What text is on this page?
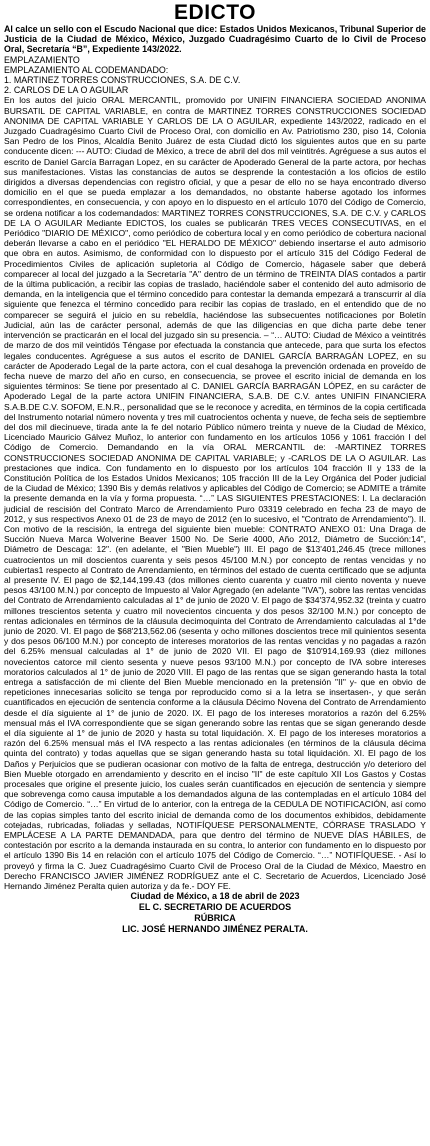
EDICTO

Al calce un sello con el Escudo Nacional que dice: Estados Unidos Mexicanos, Tribunal Superior de Justicia de la Ciudad de México, México, Juzgado Cuadragésimo Cuarto de lo Civil de Proceso Oral, Secretaría “B”, Expediente 143/2022.

EMPLAZAMIENTO

EMPLAZAMIENTO AL CODEMANDADO:

1. MARTINEZ TORRES CONSTRUCCIONES, S.A. DE C.V.

2. CARLOS DE LA O AGUILAR

En los autos del juicio ORAL MERCANTIL, promovido por UNIFIN FINANCIERA SOCIEDAD ANONIMA BURSATIL DE CAPITAL VARIABLE, en contra de MARTINEZ TORRES CONSTRUCCIONES SOCIEDAD ANONIMA DE CAPITAL VARIABLE Y CARLOS DE LA O AGUILAR, expediente 143/2022, radicado en el Juzgado Cuadragésimo Cuarto Civil de Proceso Oral, con domicilio en Av. Patriotismo 230, piso 14, Colonia San Pedro de los Pinos, Alcaldía Benito Juárez de esta Ciudad dictó los siguientes autos que en su parte conducente dicen: --- AUTO: Ciudad de México, a trece de abril del dos mil veintitrés. Agréguese a sus autos el escrito de Daniel García Barragan Lopez, en su carácter de Apoderado General de la parte actora, por hechas sus manifestaciones. Vistas las constancias de autos se desprende la contestación a los oficios de estilo dirigidos a diversas dependencias con registro oficial, y que a pesar de ello no se haya encontrado diverso domicilio en el que se pueda emplazar a los demandados, no obstante haberse agotado los informes correspondientes, en consecuencia, y con apoyo en lo dispuesto en el artículo 1070 del Código de Comercio, se ordena notificar a los codemandados: MARTINEZ TORRES CONSTRUCCIONES, S.A. DE C.V. y CARLOS DE LA O AGUILAR Mediante EDICTOS, los cuales se publicarán TRES VECES CONSECUTIVAS, en el Periódico "DIARIO DE MÉXICO", como periódico de cobertura local y en como periódico de cobertura nacional deberán llevarse a cabo en el periódico "EL HERALDO DE MÉXICO" debiendo insertarse el auto admisorio que obra en autos. Asimismo, de conformidad con lo dispuesto por el artículo 315 del Código Federal de Procedimientos Civiles de aplicación supletoria al Código de Comercio, hágasele saber que deberá comparecer al local del juzgado a la Secretaría "A" dentro de un término de TREINTA DÍAS contados a partir de la última publicación, a recibir las copias de traslado, haciéndole saber el contenido del auto admisorio de demanda, en la inteligencia que el término concedido para contestar la demanda empezará a transcurrir al día siguiente que fenezca el término concedido para recibir las copias de traslado, en el entendido que de no comparecer se seguirá el juicio en su rebeldía, haciéndose las subsecuentes notificaciones por Boletín Judicial, aún las de carácter personal, además de que las diligencias en que dicha parte debe tener intervención se practicarán en el local del juzgado sin su presencia. – “… AUTO: Ciudad de México a veintitrés de marzo de dos mil veintidós Téngase por efectuada la constancia que antecede, para que surta los efectos legales conducentes. Agréguese a sus autos el escrito de DANIEL GARCÍA BARRAGÁN LOPEZ, en su carácter de Apoderado Legal de la parte actora, con el cual desahoga la prevención ordenada en proveído de fecha nueve de marzo del año en curso, en consecuencia, se provee el escrito inicial de demanda en los siguientes términos: Se tiene por presentado al C. DANIEL GARCÍA BARRAGÁN LÓPEZ, en su carácter de Apoderado Legal de la parte actora UNIFIN FINANCIERA, S.A.B. DE C.V. antes UNIFIN FINANCIERA S.A.B.DE C.V. SOFOM, E.N.R., personalidad que se le reconoce y acredita, en términos de la copia certificada del Instrumento notarial número noventa y tres mil cuatrocientos ochenta y nueve, de fecha seis de septiembre del dos mil diecinueve, tirada ante la fe del notario Público número treinta y nueve de la Ciudad de México, Licenciado Mauricio Gálvez Muñoz, lo anterior con fundamento en los artículos 1056 y 1061 fracción I del Código de Comercio. Demandando en la vía ORAL MERCANTIL de: -MARTINEZ TORRES CONSTRUCCIONES SOCIEDAD ANONIMA DE CAPITAL VARIABLE; y -CARLOS DE LA O AGUILAR. Las prestaciones que indica. Con fundamento en lo dispuesto por los artículos 104 fracción II y 133 de la Constitución Política de los Estados Unidos Mexicanos; 105 fracción III de la Ley Orgánica del Poder judicial de la Ciudad de México; 1390 Bis y demás relativos y aplicables del Código de Comercio; se ADMITE a trámite la presente demanda en la vía y forma propuesta. “…” LAS SIGUIENTES PRESTACIONES: I. La declaración judicial de rescisión del Contrato Marco de Arrendamiento Puro 03319 celebrado en fecha 23 de mayo de 2012, y sus respectivos Anexo 01 de 23 de mayo de 2012 (en lo sucesivo, el "Contrato de Arrendamiento"). II. Con motivo de la rescisión, la entrega del siguiente bien mueble: CONTRATO ANEXO 01: Una Draga de Succión Nueva Marca Wolverine Beaver 1500 No. De Serie 4000, Año 2012, Diámetro de Succión:14", Diámetro de Descaga: 12". (en adelante, el "Bien Mueble") III. El pago de $13'401,246.45 (trece millones cuatrocientos un mil doscientos cuarenta y seis pesos 45/100 M.N.) por concepto de rentas vencidas y no cubiertas1 respecto al Contrato de Arrendamiento, en términos del estado de cuenta certificado que se adjunta al presente IV. El pago de $2,144,199.43 (dos millones ciento cuarenta y cuatro mil ciento noventa y nueve pesos 43/100 M.N.) por concepto de Impuesto al Valor Agregado (en adelante "IVA"), sobre las rentas vencidas del Contrato de Arrendamiento calculadas al 1° de junio de 2020 V. El pago de $34'374,952.32 (treinta y cuatro millones trescientos setenta y cuatro mil novecientos cincuenta y dos pesos 32/100 M.N.) por concepto de rentas adicionales en términos de la cláusula decimoquinta del Contrato de Arrendamiento calculadas al 1°de junio de 2020. VI. El pago de $68'213,562.06 (sesenta y ocho millones doscientos trece mil quinientos sesenta y dos pesos 06/100 M.N.) por concepto de intereses moratorios de las rentas vencidas y no pagadas a razón del 6.25% mensual calculadas al 1° de junio de 2020 VII. El pago de $10'914,169.93 (diez millones novecientos catorce mil ciento sesenta y nueve pesos 93/100 M.N.) por concepto de IVA sobre intereses moratorios calculados al 1° de junio de 2020 VIII. El pago de las rentas que se sigan generando hasta la total entrega a satisfacción de mi cliente del Bien Mueble mencionado en la pretensión "II" y- que en obvio de repeticiones innecesarias solicito se tenga por reproducido como si a la letra se insertasen-, y que serán cuantificados en ejecución de sentencia conforme a la cláusula Décimo Novena del Contrato de Arrendamiento desde el día siguiente al 1° de junio de 2020. IX. El pago de los intereses moratorios a razón del 6.25% mensual más el IVA correspondiente que se sigan generando sobre las rentas que se sigan generando desde el día siguiente al 1° de junio de 2020 y hasta su total liquidación. X. El pago de los intereses moratorios a razón del 6.25% mensual más el IVA respecto a las rentas adicionales (en términos de la cláusula décima quinta del contrato) y todas aquellas que se sigan generando hasta su total liquidación. XI. El pago de los Daños y Perjuicios que se pudieran ocasionar con motivo de la falta de entrega, destrucción y/o deterioro del Bien Mueble otorgado en arrendamiento y descrito en el inciso "II" de este capítulo XII Los Gastos y Costas procesales que origine el presente juicio, los cuales serán cuantificados en ejecución de sentencia y siempre que sobrevenga como causa imputable a los demandados alguna de las contempladas en el artículo 1084 del Código de Comercio. “…” En virtud de lo anterior, con la entrega de la CEDULA DE NOTIFICACIÓN, así como de las copias simples tanto del escrito inicial de demanda como de los documentos exhibidos, debidamente cotejadas, rubricadas, foliadas y selladas, NOTIFÍQUESE PERSONALMENTE, CÓRRASE TRASLADO Y EMPLÁCESE A LA PARTE DEMANDADA, para que dentro del término de NUEVE DÍAS HÁBILES, de contestación por escrito a la demanda instaurada en su contra, lo anterior con fundamento en lo dispuesto por el artículo 1390 Bis 14 en relación con el artículo 1075 del Código de Comercio. “…” NOTIFÍQUESE. - Así lo proveyó y firma la C. Juez Cuadragésimo Cuarto Civil de Proceso Oral de la Ciudad de México, Maestro en Derecho FRANCISCO JAVIER JIMÉNEZ RODRÍGUEZ ante el C. Secretario de Acuerdos, Licenciado José Hernando Jiménez Peralta quien autoriza y da fe.- DOY FE.

Ciudad de México, a 18 de abril de 2023

EL C. SECRETARIO DE ACUERDOS

RÚBRICA

LIC. JOSÉ HERNANDO JIMÉNEZ PERALTA.
